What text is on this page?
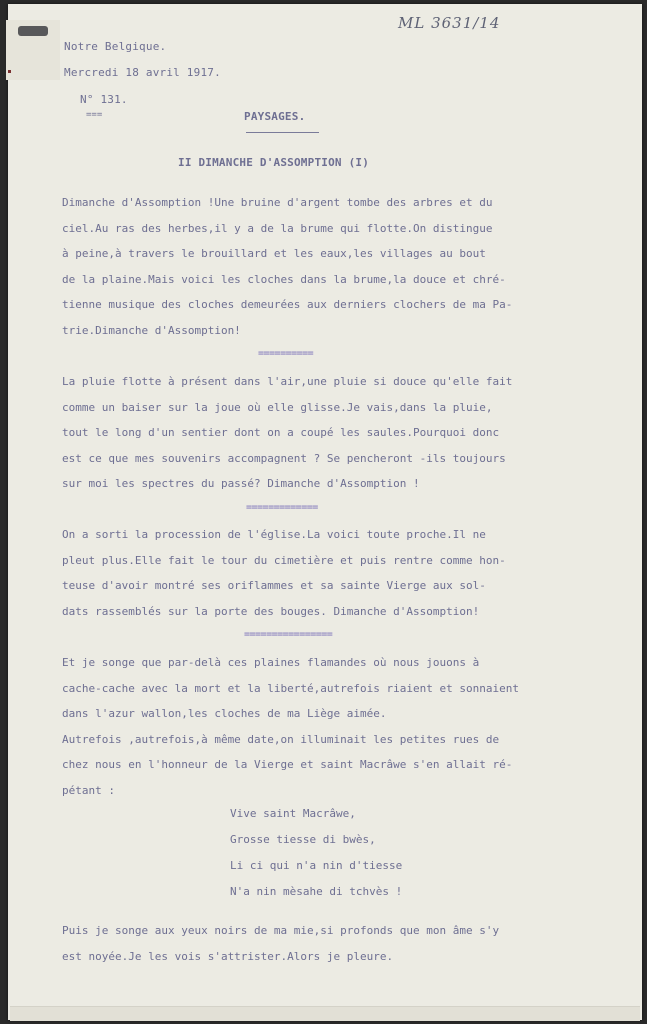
ML 3631/14
Notre Belgique.
Mercredi 18 avril 1917.
N° 131.
===	PAYSAGES.
II DIMANCHE D'ASSOMPTION (I)
Dimanche d'Assomption !Une bruine d'argent tombe des arbres et du
ciel.Au ras des herbes,il y a de la brume qui flotte.On distingue
à peine,à travers le brouillard et les eaux,les villages au bout
de la plaine.Mais voici les cloches dans la brume,la douce et chré-
tienne musique des cloches demeurées aux derniers clochers de ma Pa-
trie.Dimanche d'Assomption!
==========
La pluie flotte à présent dans l'air,une pluie si douce qu'elle fait
comme un baiser sur la joue où elle glisse.Je vais,dans la pluie,
tout le long d'un sentier dont on a coupé les saules.Pourquoi donc
est ce que mes souvenirs accompagnent ? Se pencheront -ils toujours
sur moi les spectres du passé? Dimanche d'Assomption !
=============
On a sorti la procession de l'église.La voici toute proche.Il ne
pleut plus.Elle fait le tour du cimetière et puis rentre comme hon-
teuse d'avoir montré ses oriflammes et sa sainte Vierge aux sol-
dats rassemblés sur la porte des bouges. Dimanche d'Assomption!
================
Et je songe que par-delà ces plaines flamandes où nous jouons à
cache-cache avec la mort et la liberté,autrefois riaient et sonnaient
dans l'azur wallon,les cloches de ma Liège aimée.
Autrefois ,autrefois,à même date,on illuminait les petites rues de
chez nous en l'honneur de la Vierge et saint Macrâwe s'en allait ré-
pétant :
Vive saint Macrâwe,
Grosse tiesse di bwès,
Li ci qui n'a nin d'tiesse
N'a nin mèsahe di tchvès !
Puis je songe aux yeux noirs de ma mie,si profonds que mon âme s'y
est noyée.Je les vois s'attrister.Alors je pleure.
